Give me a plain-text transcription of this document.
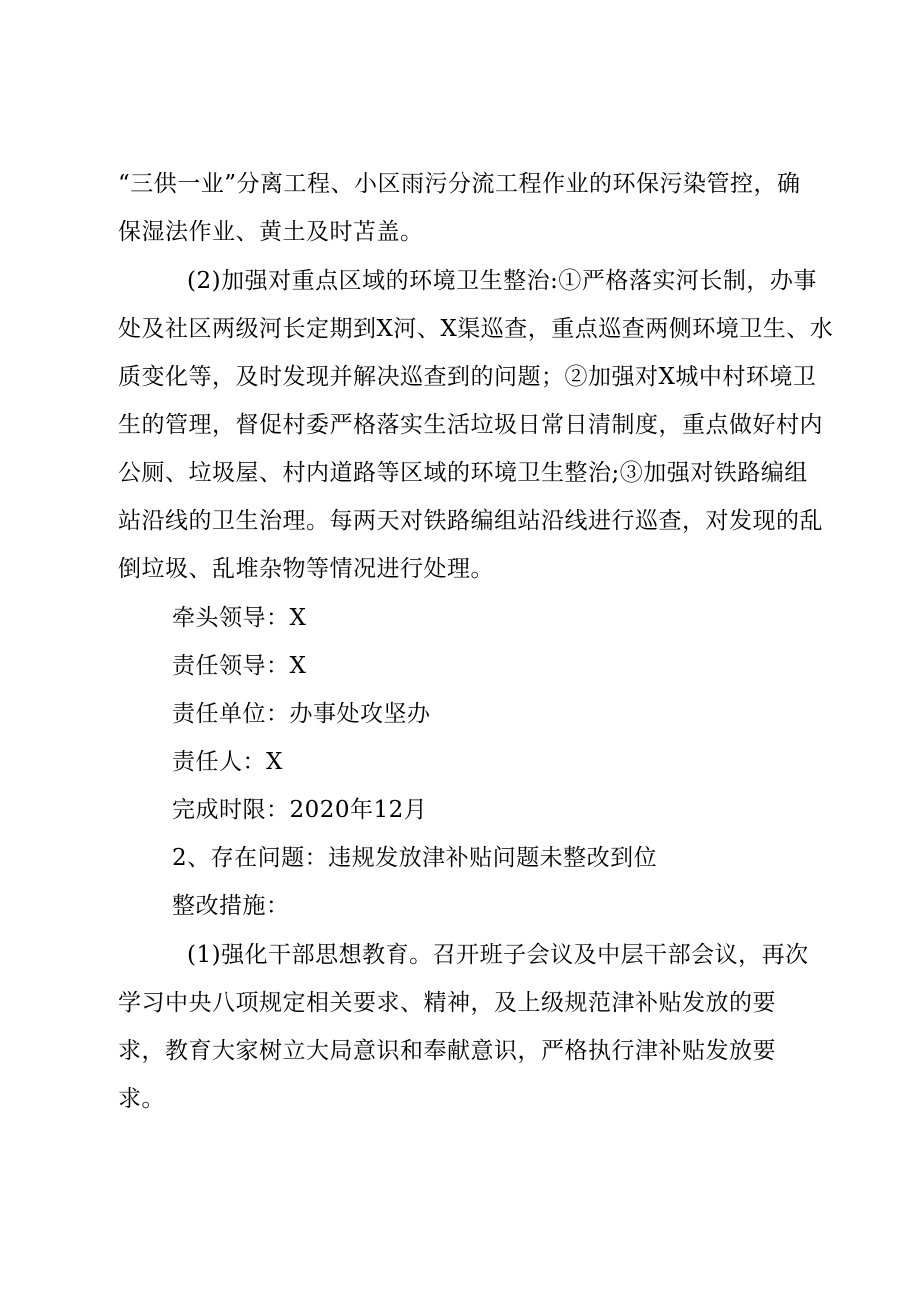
“三供一业”分离工程、小区雨污分流工程作业的环保污染管控，确
保湿法作业、黄土及时苫盖。
(2)加强对重点区域的环境卫生整治:①严格落实河长制，办事
处及社区两级河长定期到X河、X渠巡查，重点巡查两侧环境卫生、水
质变化等，及时发现并解决巡查到的问题；②加强对X城中村环境卫
生的管理，督促村委严格落实生活垃圾日常日清制度，重点做好村内
公厕、垃圾屋、村内道路等区域的环境卫生整治;③加强对铁路编组
站沿线的卫生治理。每两天对铁路编组站沿线进行巡查，对发现的乱
倒垃圾、乱堆杂物等情况进行处理。
牵头领导：X
责任领导：X
责任单位：办事处攻坚办
责任人：X
完成时限：2020年12月
2、存在问题：违规发放津补贴问题未整改到位
整改措施：
(1)强化干部思想教育。召开班子会议及中层干部会议，再次
学习中央八项规定相关要求、精神，及上级规范津补贴发放的要
求，教育大家树立大局意识和奉献意识，严格执行津补贴发放要
求。
